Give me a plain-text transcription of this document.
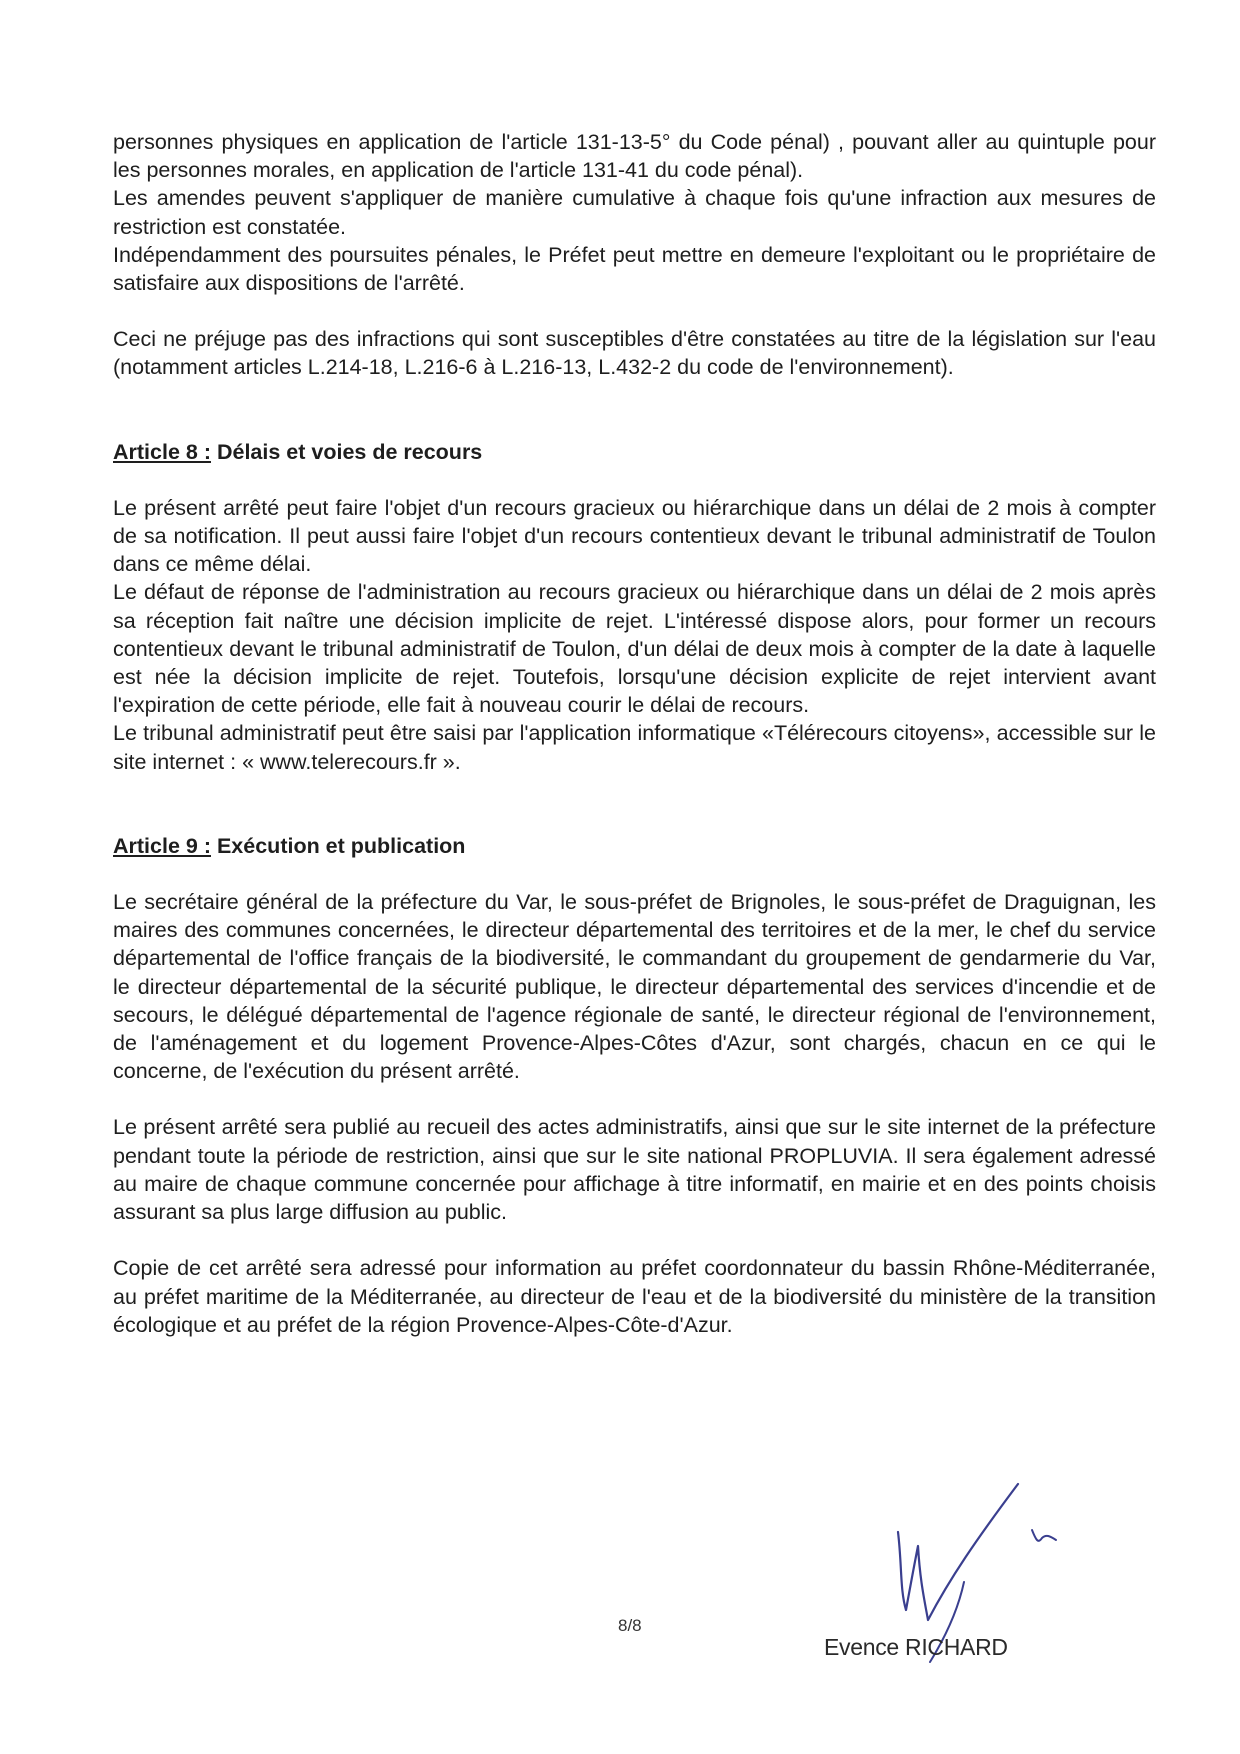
personnes physiques en application de l'article 131-13-5° du Code pénal) , pouvant aller au quintuple pour les personnes morales, en application de l'article 131-41 du code pénal).

Les amendes peuvent s'appliquer de manière cumulative à chaque fois qu'une infraction aux mesures de restriction est constatée.

Indépendamment des poursuites pénales, le Préfet peut mettre en demeure l'exploitant ou le propriétaire de satisfaire aux dispositions de l'arrêté.

Ceci ne préjuge pas des infractions qui sont susceptibles d'être constatées au titre de la législation sur l'eau (notamment articles L.214-18, L.216-6 à L.216-13, L.432-2 du code de l'environnement).

Article 8 : Délais et voies de recours

Le présent arrêté peut faire l'objet d'un recours gracieux ou hiérarchique dans un délai de 2 mois à compter de sa notification. Il peut aussi faire l'objet d'un recours contentieux devant le tribunal administratif de Toulon dans ce même délai.

Le défaut de réponse de l'administration au recours gracieux ou hiérarchique dans un délai de 2 mois après sa réception fait naître une décision implicite de rejet. L'intéressé dispose alors, pour former un recours contentieux devant le tribunal administratif de Toulon, d'un délai de deux mois à compter de la date à laquelle est née la décision implicite de rejet. Toutefois, lorsqu'une décision explicite de rejet intervient avant l'expiration de cette période, elle fait à nouveau courir le délai de recours.

Le tribunal administratif peut être saisi par l'application informatique «Télérecours citoyens», accessible sur le site internet : « www.telerecours.fr ».

Article 9 : Exécution et publication

Le secrétaire général de la préfecture du Var, le sous-préfet de Brignoles, le sous-préfet de Draguignan, les maires des communes concernées, le directeur départemental des territoires et de la mer, le chef du service départemental de l'office français de la biodiversité, le commandant du groupement de gendarmerie du Var, le directeur départemental de la sécurité publique, le directeur départemental des services d'incendie et de secours, le délégué départemental de l'agence régionale de santé, le directeur régional de l'environnement, de l'aménagement et du logement Provence-Alpes-Côtes d'Azur, sont chargés, chacun en ce qui le concerne, de l'exécution du présent arrêté.

Le présent arrêté sera publié au recueil des actes administratifs, ainsi que sur le site internet de la préfecture pendant toute la période de restriction, ainsi que sur le site national PROPLUVIA. Il sera également adressé au maire de chaque commune concernée pour affichage à titre informatif, en mairie et en des points choisis assurant sa plus large diffusion au public.

Copie de cet arrêté sera adressé pour information au préfet coordonnateur du bassin Rhône-Méditerranée, au préfet maritime de la Méditerranée, au directeur de l'eau et de la biodiversité du ministère de la transition écologique et au préfet de la région Provence-Alpes-Côte-d'Azur.

8/8
Evence RICHARD
